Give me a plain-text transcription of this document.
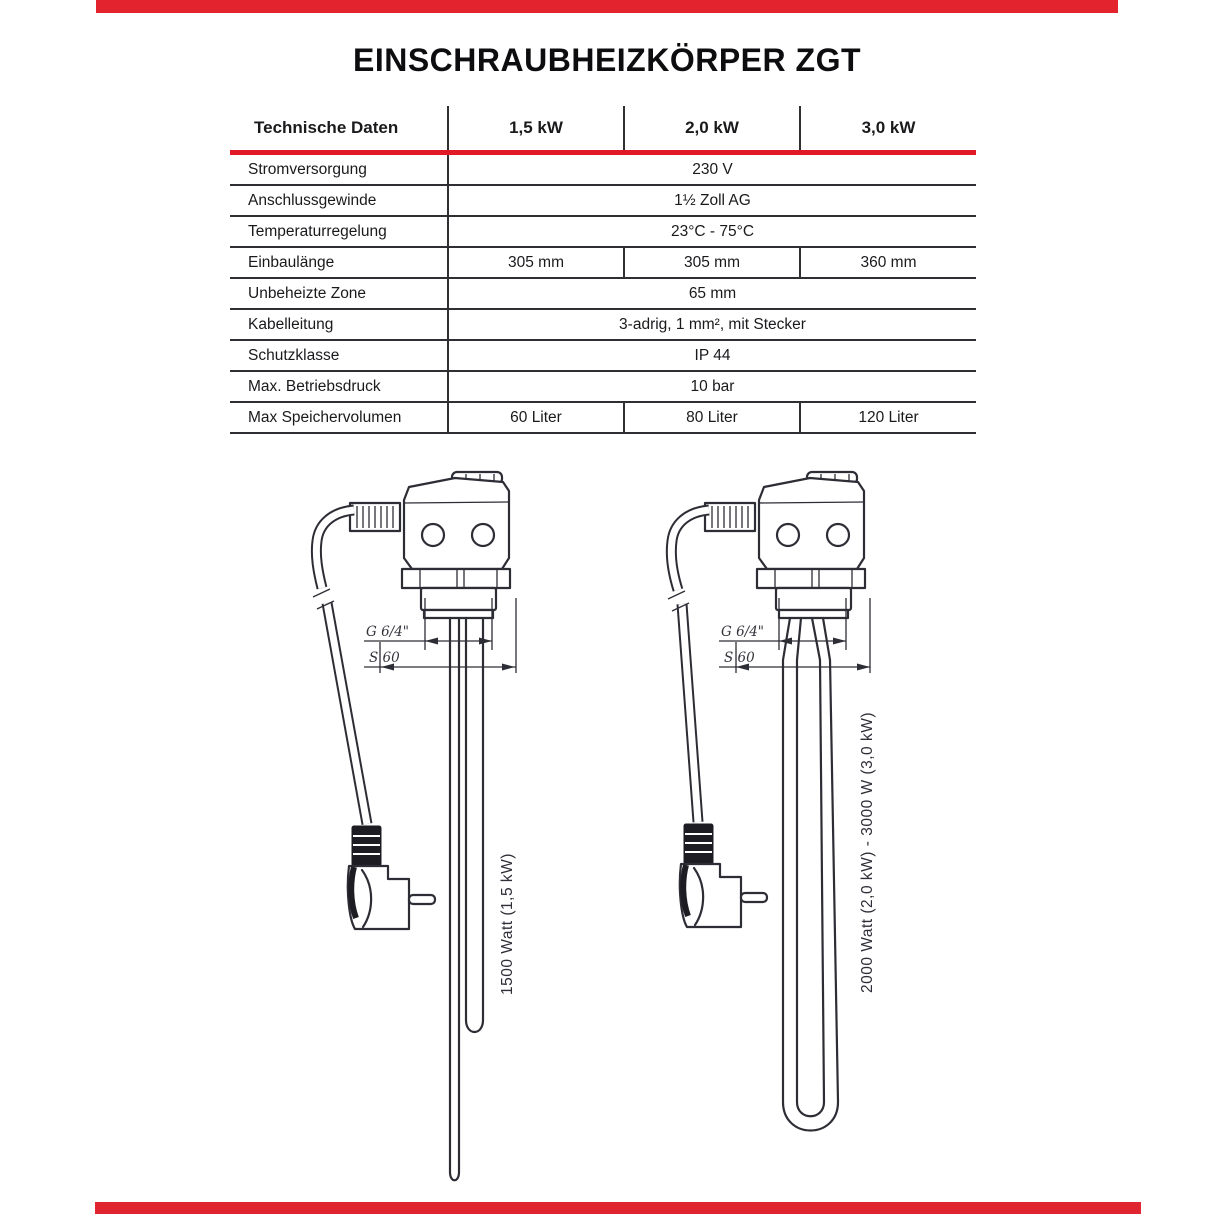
EINSCHRAUBHEIZKÖRPER ZGT
Technische Daten	1,5 kW	2,0 kW	3,0 kW
Stromversorgung	230 V		
Anschlussgewinde	1½ Zoll AG		
Temperaturregelung	23°C - 75°C		
Einbaulänge	305 mm	305 mm	360 mm
Unbeheizte Zone	65 mm		
Kabelleitung	3-adrig, 1 mm², mit Stecker		
Schutzklasse	IP 44		
Max. Betriebsdruck	10 bar		
Max Speichervolumen	60 Liter	80 Liter	120 Liter
G 6/4"
S 60
1500 Watt (1,5 kW)
G 6/4"
S 60
2000 Watt (2,0 kW) - 3000 W (3,0 kW)
